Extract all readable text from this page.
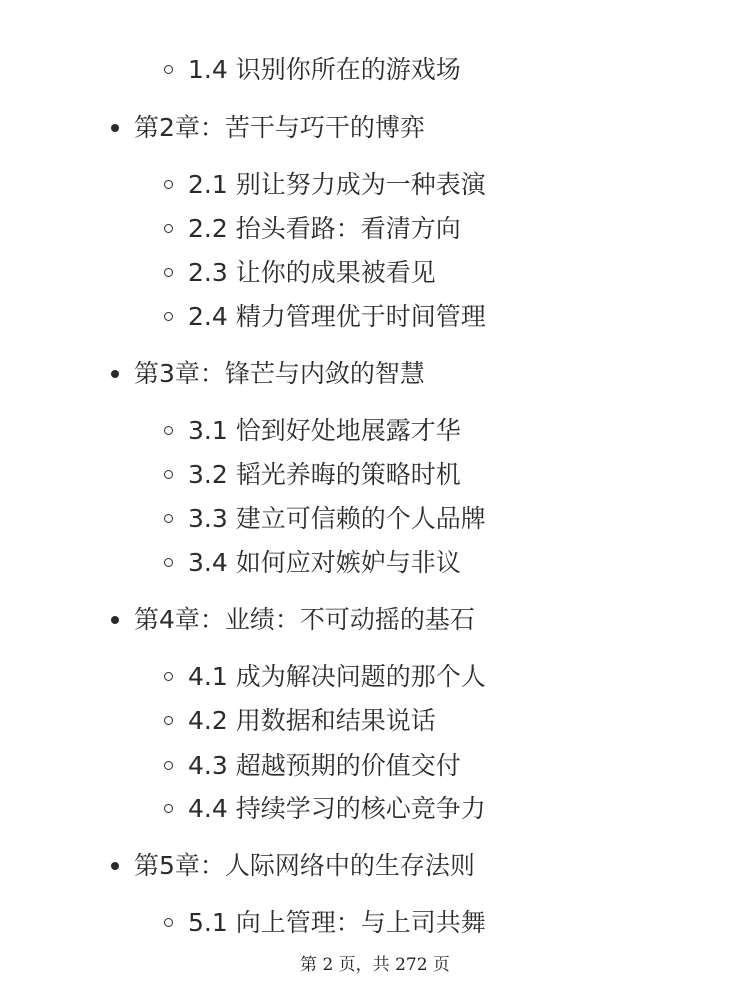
1.4 识别你所在的游戏场
第2章：苦干与巧干的博弈
2.1 别让努力成为一种表演
2.2 抬头看路：看清方向
2.3 让你的成果被看见
2.4 精力管理优于时间管理
第3章：锋芒与内敛的智慧
3.1 恰到好处地展露才华
3.2 韬光养晦的策略时机
3.3 建立可信赖的个人品牌
3.4 如何应对嫉妒与非议
第4章：业绩：不可动摇的基石
4.1 成为解决问题的那个人
4.2 用数据和结果说话
4.3 超越预期的价值交付
4.4 持续学习的核心竞争力
第5章：人际网络中的生存法则
5.1 向上管理：与上司共舞
第 2 页，共 272 页
